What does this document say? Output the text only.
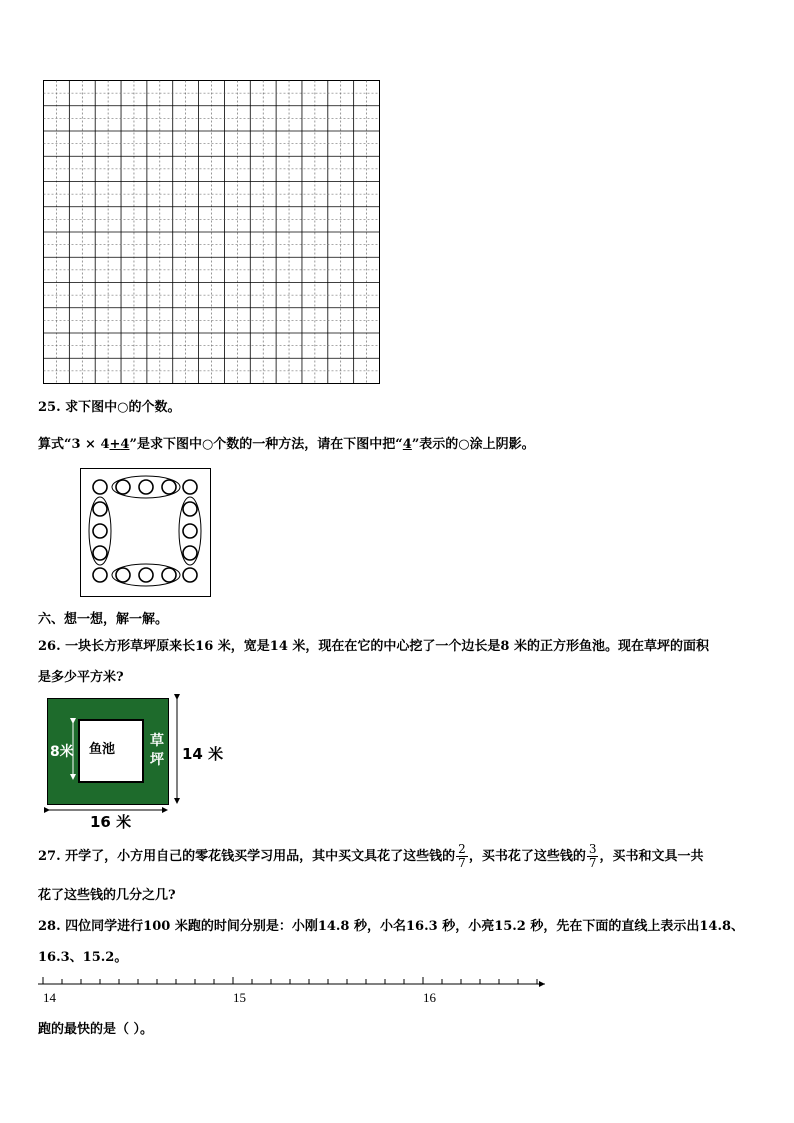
25. 求下图中○的个数。
算式“3 × 4+4”是求下图中○个数的一种方法，请在下图中把“4”表示的○涂上阴影。
六、想一想，解一解。
26. 一块长方形草坪原来长16 米，宽是14 米，现在在它的中心挖了一个边长是8 米的正方形鱼池。现在草坪的面积
是多少平方米?
鱼池
草
坪
8米	14 米
16 米
27. 开学了，小方用自己的零花钱买学习用品，其中买文具花了这些钱的 $\frac{2}{7}$ ，买书花了这些钱的 $\frac{3}{7}$ ，买书和文具一共
花了这些钱的几分之几?
28. 四位同学进行100 米跑的时间分别是：小刚14.8 秒，小名16.3 秒，小亮15.2 秒，先在下面的直线上表示出14.8、
16.3、15.2。
14	15	16
跑的最快的是（ ）。
